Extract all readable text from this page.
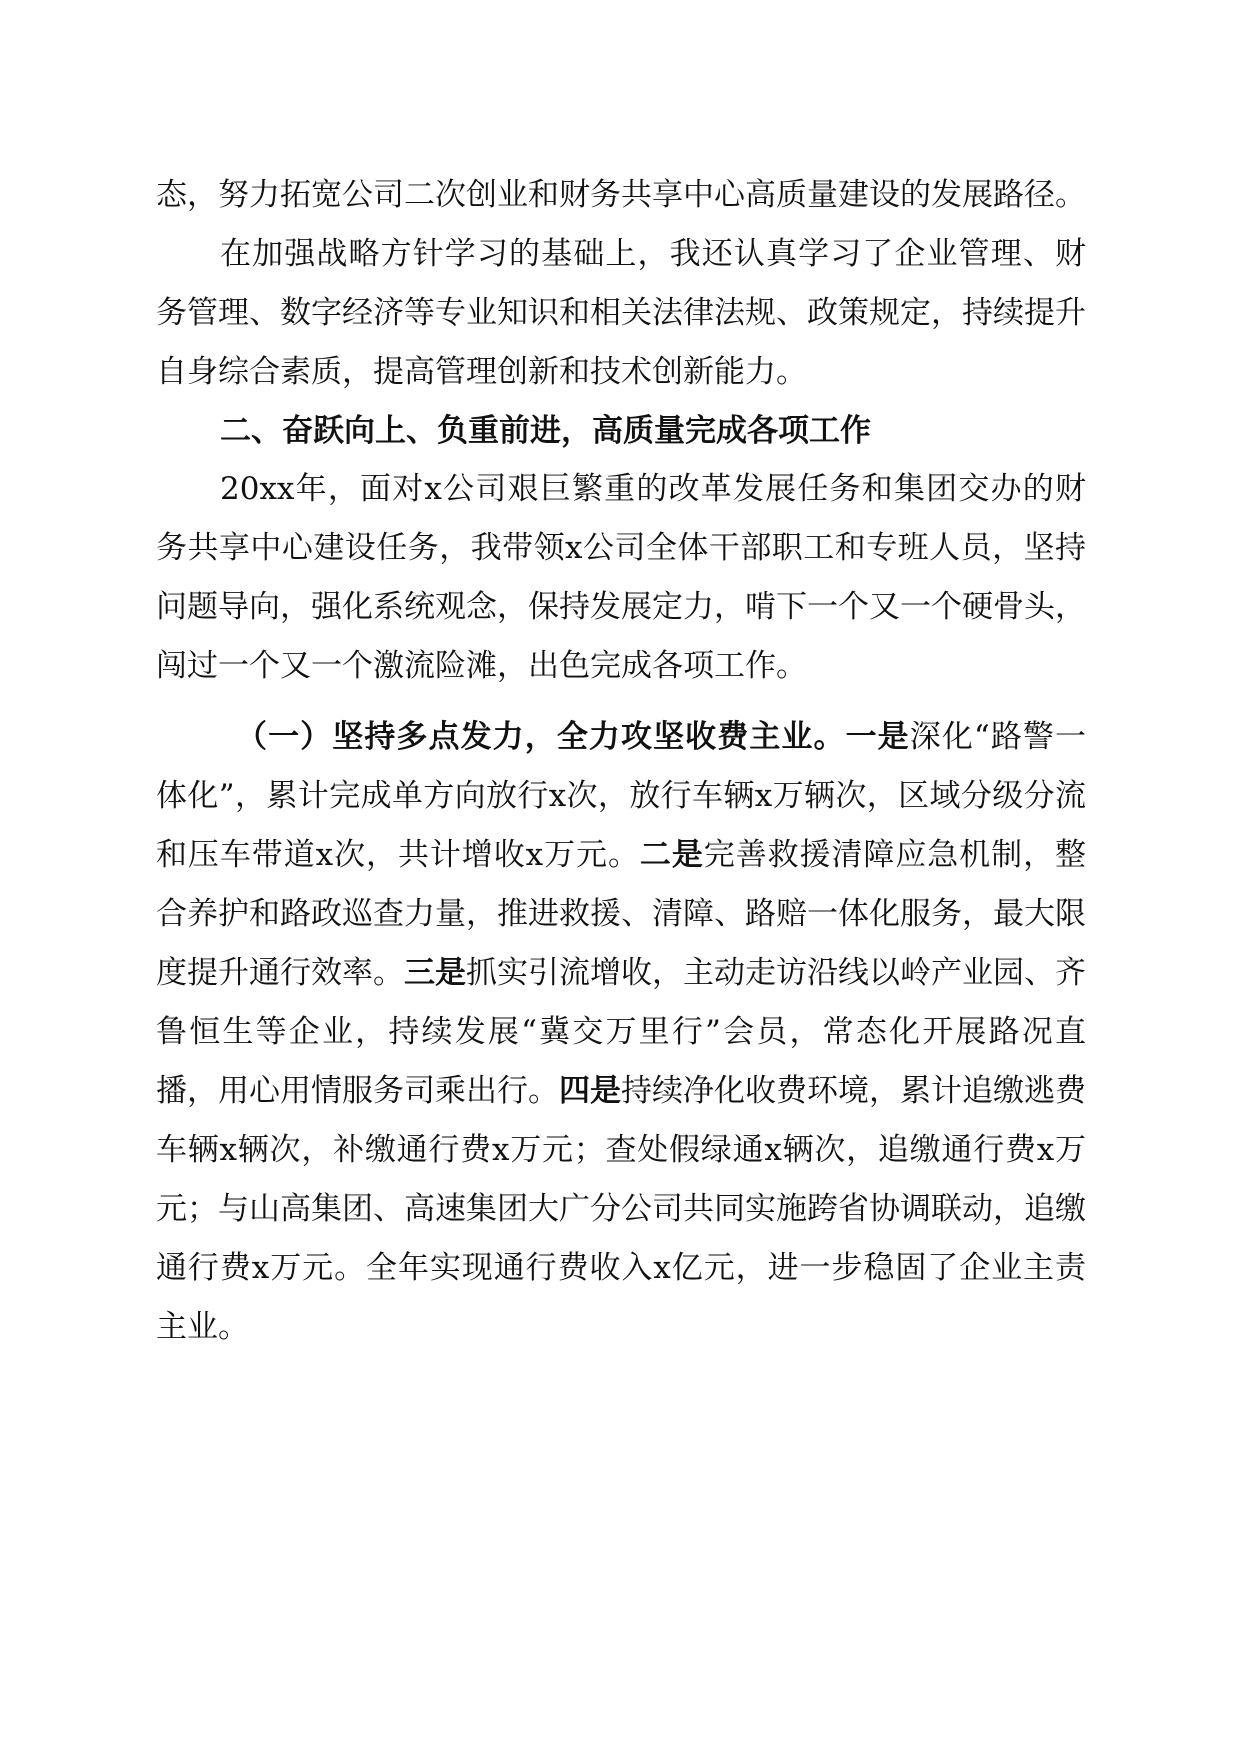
态，努力拓宽公司二次创业和财务共享中心高质量建设的发展路径。

在加强战略方针学习的基础上，我还认真学习了企业管理、财务管理、数字经济等专业知识和相关法律法规、政策规定，持续提升自身综合素质，提高管理创新和技术创新能力。

二、奋跃向上、负重前进，高质量完成各项工作

20xx年，面对x公司艰巨繁重的改革发展任务和集团交办的财务共享中心建设任务，我带领x公司全体干部职工和专班人员，坚持问题导向，强化系统观念，保持发展定力，啃下一个又一个硬骨头，闯过一个又一个激流险滩，出色完成各项工作。

（一）坚持多点发力，全力攻坚收费主业。一是深化“路警一体化”，累计完成单方向放行x次，放行车辆x万辆次，区域分级分流和压车带道x次，共计增收x万元。二是完善救援清障应急机制，整合养护和路政巡查力量，推进救援、清障、路赔一体化服务，最大限度提升通行效率。三是抓实引流增收，主动走访沿线以岭产业园、齐鲁恒生等企业，持续发展“冀交万里行”会员，常态化开展路况直播，用心用情服务司乘出行。四是持续净化收费环境，累计追缴逃费车辆x辆次，补缴通行费x万元；查处假绿通x辆次，追缴通行费x万元；与山高集团、高速集团大广分公司共同实施跨省协调联动，追缴通行费x万元。全年实现通行费收入x亿元，进一步稳固了企业主责主业。
